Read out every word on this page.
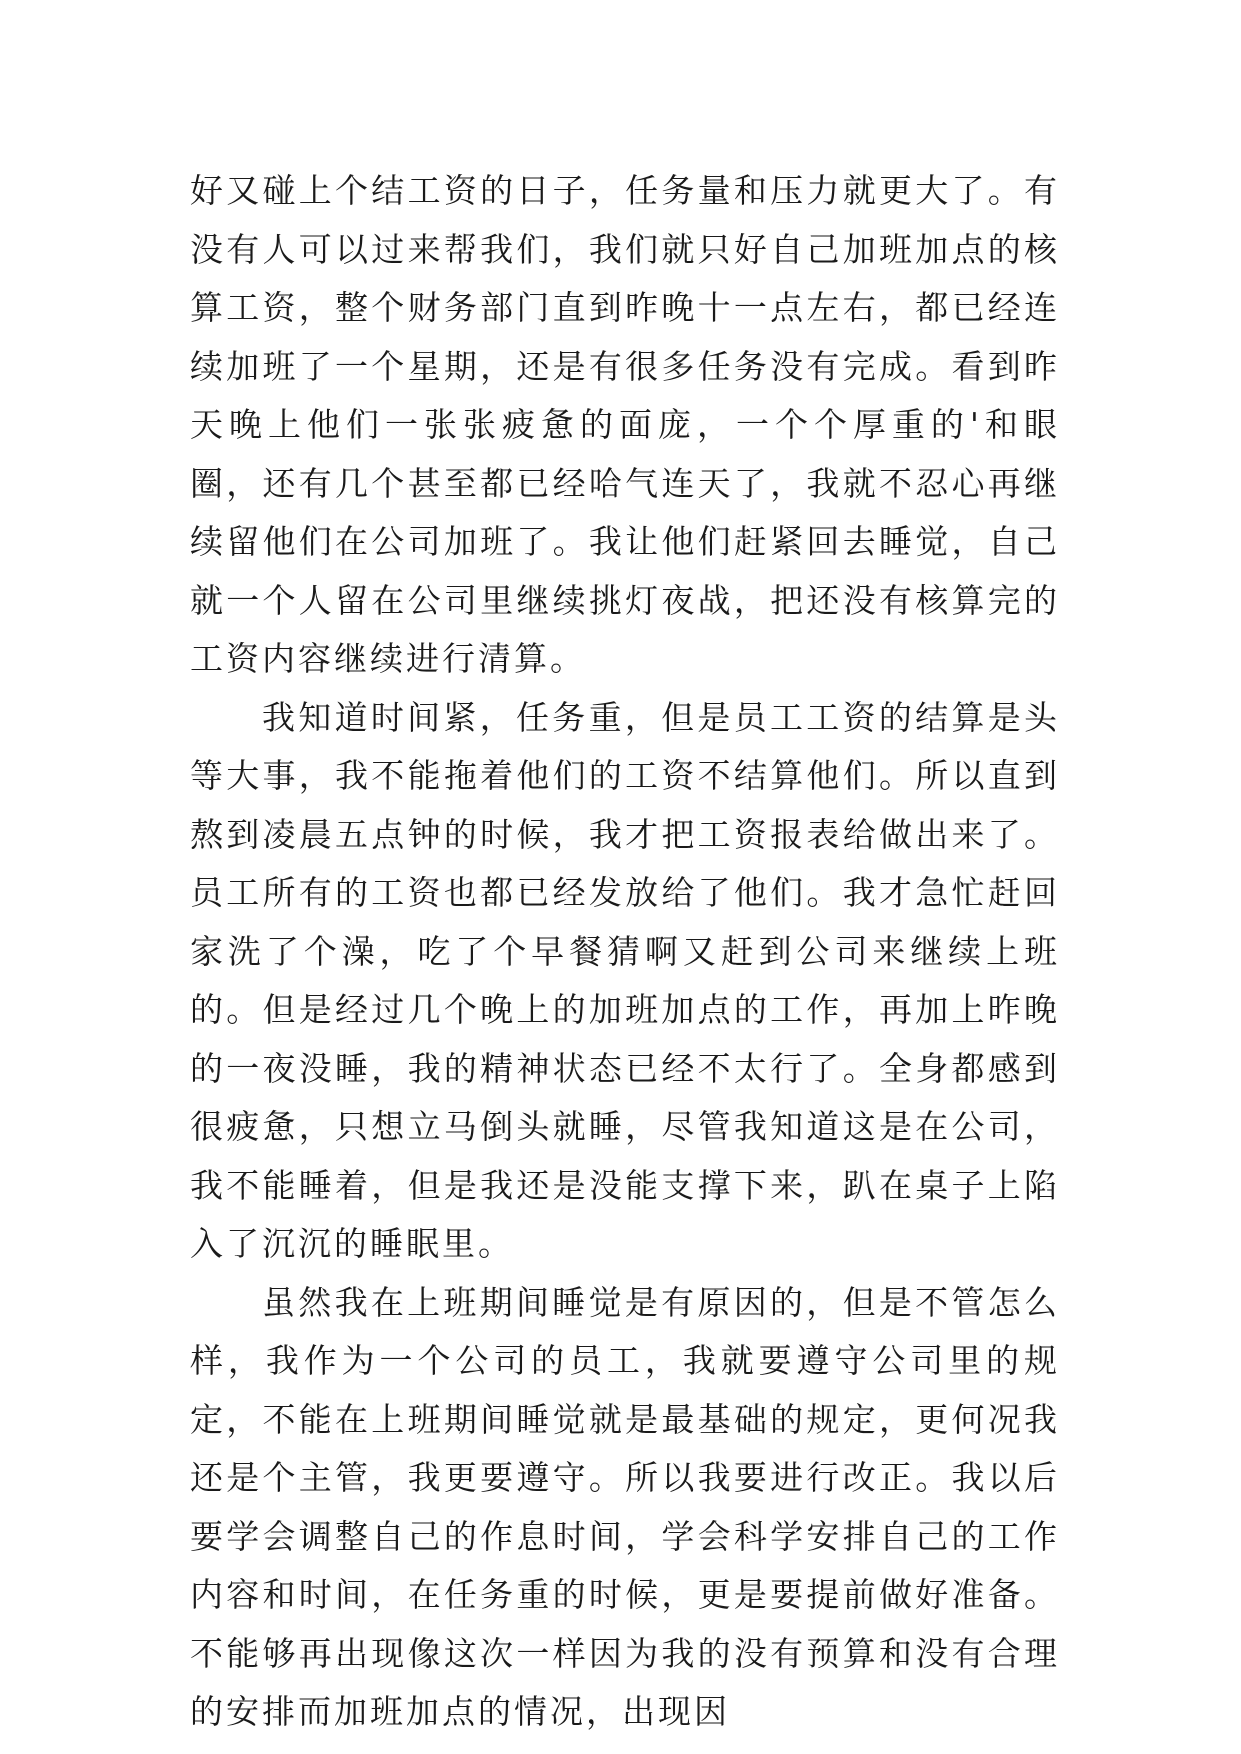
好又碰上个结工资的日子，任务量和压力就更大了。有没有人可以过来帮我们，我们就只好自己加班加点的核算工资，整个财务部门直到昨晚十一点左右，都已经连续加班了一个星期，还是有很多任务没有完成。看到昨天晚上他们一张张疲惫的面庞，一个个厚重的'和眼圈，还有几个甚至都已经哈气连天了，我就不忍心再继续留他们在公司加班了。我让他们赶紧回去睡觉，自己就一个人留在公司里继续挑灯夜战，把还没有核算完的工资内容继续进行清算。

我知道时间紧，任务重，但是员工工资的结算是头等大事，我不能拖着他们的工资不结算他们。所以直到熬到凌晨五点钟的时候，我才把工资报表给做出来了。员工所有的工资也都已经发放给了他们。我才急忙赶回家洗了个澡，吃了个早餐猜啊又赶到公司来继续上班的。但是经过几个晚上的加班加点的工作，再加上昨晚的一夜没睡，我的精神状态已经不太行了。全身都感到很疲惫，只想立马倒头就睡，尽管我知道这是在公司，我不能睡着，但是我还是没能支撑下来，趴在桌子上陷入了沉沉的睡眠里。

虽然我在上班期间睡觉是有原因的，但是不管怎么样，我作为一个公司的员工，我就要遵守公司里的规定，不能在上班期间睡觉就是最基础的规定，更何况我还是个主管，我更要遵守。所以我要进行改正。我以后要学会调整自己的作息时间，学会科学安排自己的工作内容和时间，在任务重的时候，更是要提前做好准备。不能够再出现像这次一样因为我的没有预算和没有合理的安排而加班加点的情况，出现因
